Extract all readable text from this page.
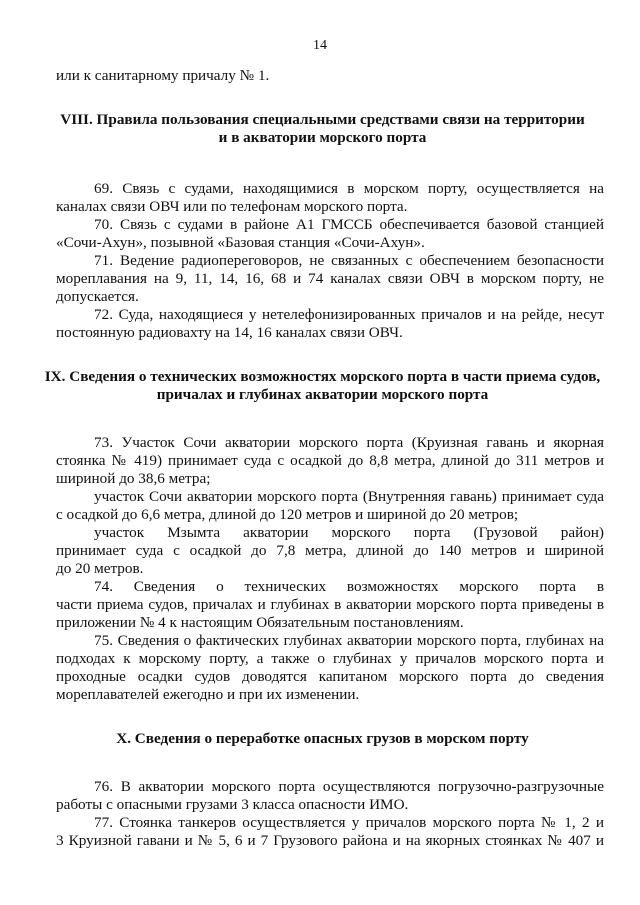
14
или к санитарному причалу № 1.
VIII. Правила пользования специальными средствами связи на территории
и в акватории морского порта
69. Связь с судами, находящимися в морском порту, осуществляется на
каналах связи ОВЧ или по телефонам морского порта.
70. Связь с судами в районе А1 ГМССБ обеспечивается базовой станцией
«Сочи-Ахун», позывной «Базовая станция «Сочи-Ахун».
71. Ведение радиопереговоров, не связанных с обеспечением безопасности
мореплавания на 9, 11, 14, 16, 68 и 74 каналах связи ОВЧ в морском порту, не
допускается.
72. Суда, находящиеся у нетелефонизированных причалов и на рейде, несут
постоянную радиовахту на 14, 16 каналах связи ОВЧ.
IX. Сведения о технических возможностях морского порта в части приема судов,
причалах и глубинах акватории морского порта
73. Участок Сочи акватории морского порта (Круизная гавань и якорная
стоянка № 419) принимает суда с осадкой до 8,8 метра, длиной до 311 метров и
шириной до 38,6 метра;
участок Сочи акватории морского порта (Внутренняя гавань) принимает суда
с осадкой до 6,6 метра, длиной до 120 метров и шириной до 20 метров;
участок Мзымта акватории морского порта (Грузовой район)
принимает суда с осадкой до 7,8 метра, длиной до 140 метров и шириной
до 20 метров.
74. Сведения о технических возможностях морского порта в
части приема судов, причалах и глубинах в акватории морского порта приведены в
приложении № 4 к настоящим Обязательным постановлениям.
75. Сведения о фактических глубинах акватории морского порта, глубинах на
подходах к морскому порту, а также о глубинах у причалов морского порта и
проходные осадки судов доводятся капитаном морского порта до сведения
мореплавателей ежегодно и при их изменении.
X. Сведения о переработке опасных грузов в морском порту
76. В акватории морского порта осуществляются погрузочно-разгрузочные
работы с опасными грузами 3 класса опасности ИМО.
77. Стоянка танкеров осуществляется у причалов морского порта № 1, 2 и
3 Круизной гавани и № 5, 6 и 7 Грузового района и на якорных стоянках № 407 и
